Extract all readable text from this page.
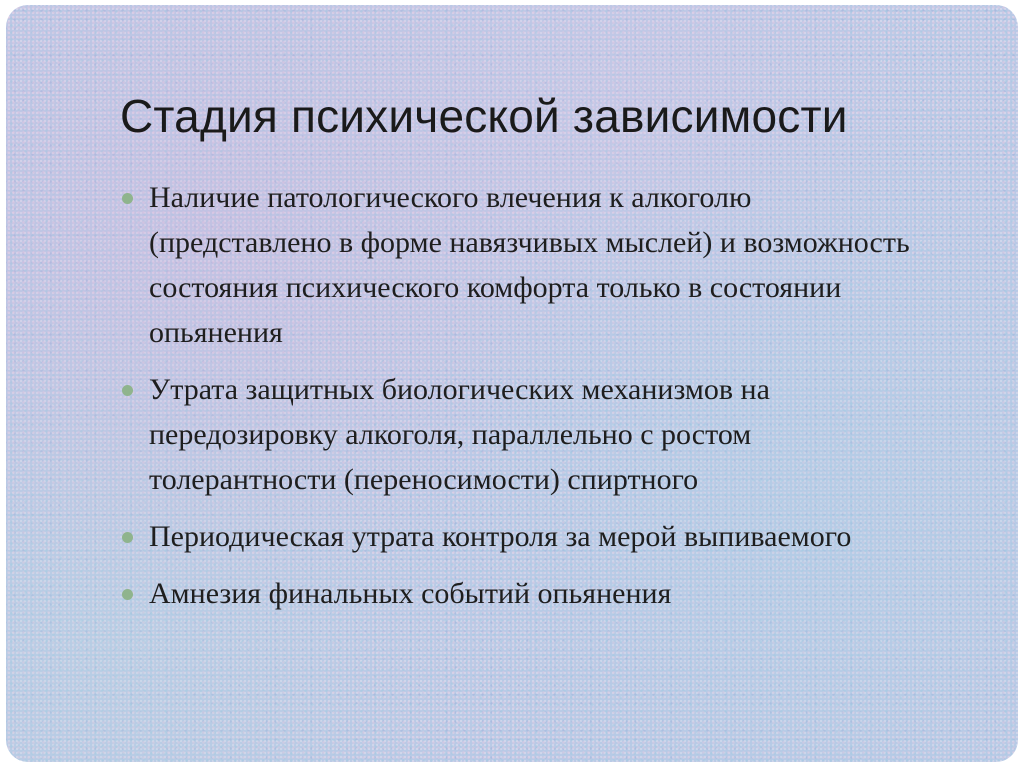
Стадия психической зависимости
Наличие патологического влечения к алкоголю (представлено в форме навязчивых мыслей) и возможность состояния психического комфорта только в состоянии опьянения
Утрата защитных биологических механизмов на передозировку алкоголя, параллельно с ростом толерантности (переносимости) спиртного
Периодическая утрата контроля за мерой выпиваемого
Амнезия финальных событий опьянения
